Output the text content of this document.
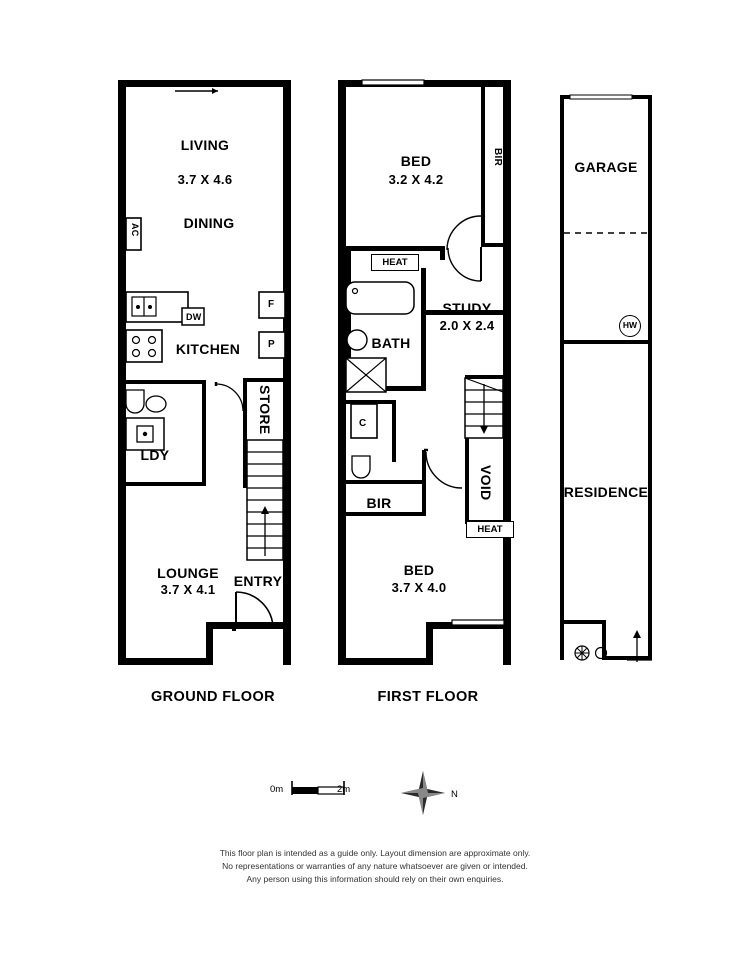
LIVING
3.7 X 4.6
DINING
KITCHEN
LDY
STORE
LOUNGE
3.7 X 4.1
ENTRY
AC
DW
F
P
BED
3.2 X 4.2
BIR
HEAT
STUDY
2.0 X 2.4
BATH
C
BIR
VOID
HEAT
BED
3.7 X 4.0
GARAGE
RESIDENCE
HW
GROUND FLOOR	FIRST FLOOR
0m	2m	N
This floor plan is intended as a guide only. Layout dimension are approximate only.
No representations or warranties of any nature whatsoever are given or intended.
Any person using this information should rely on their own enquiries.
